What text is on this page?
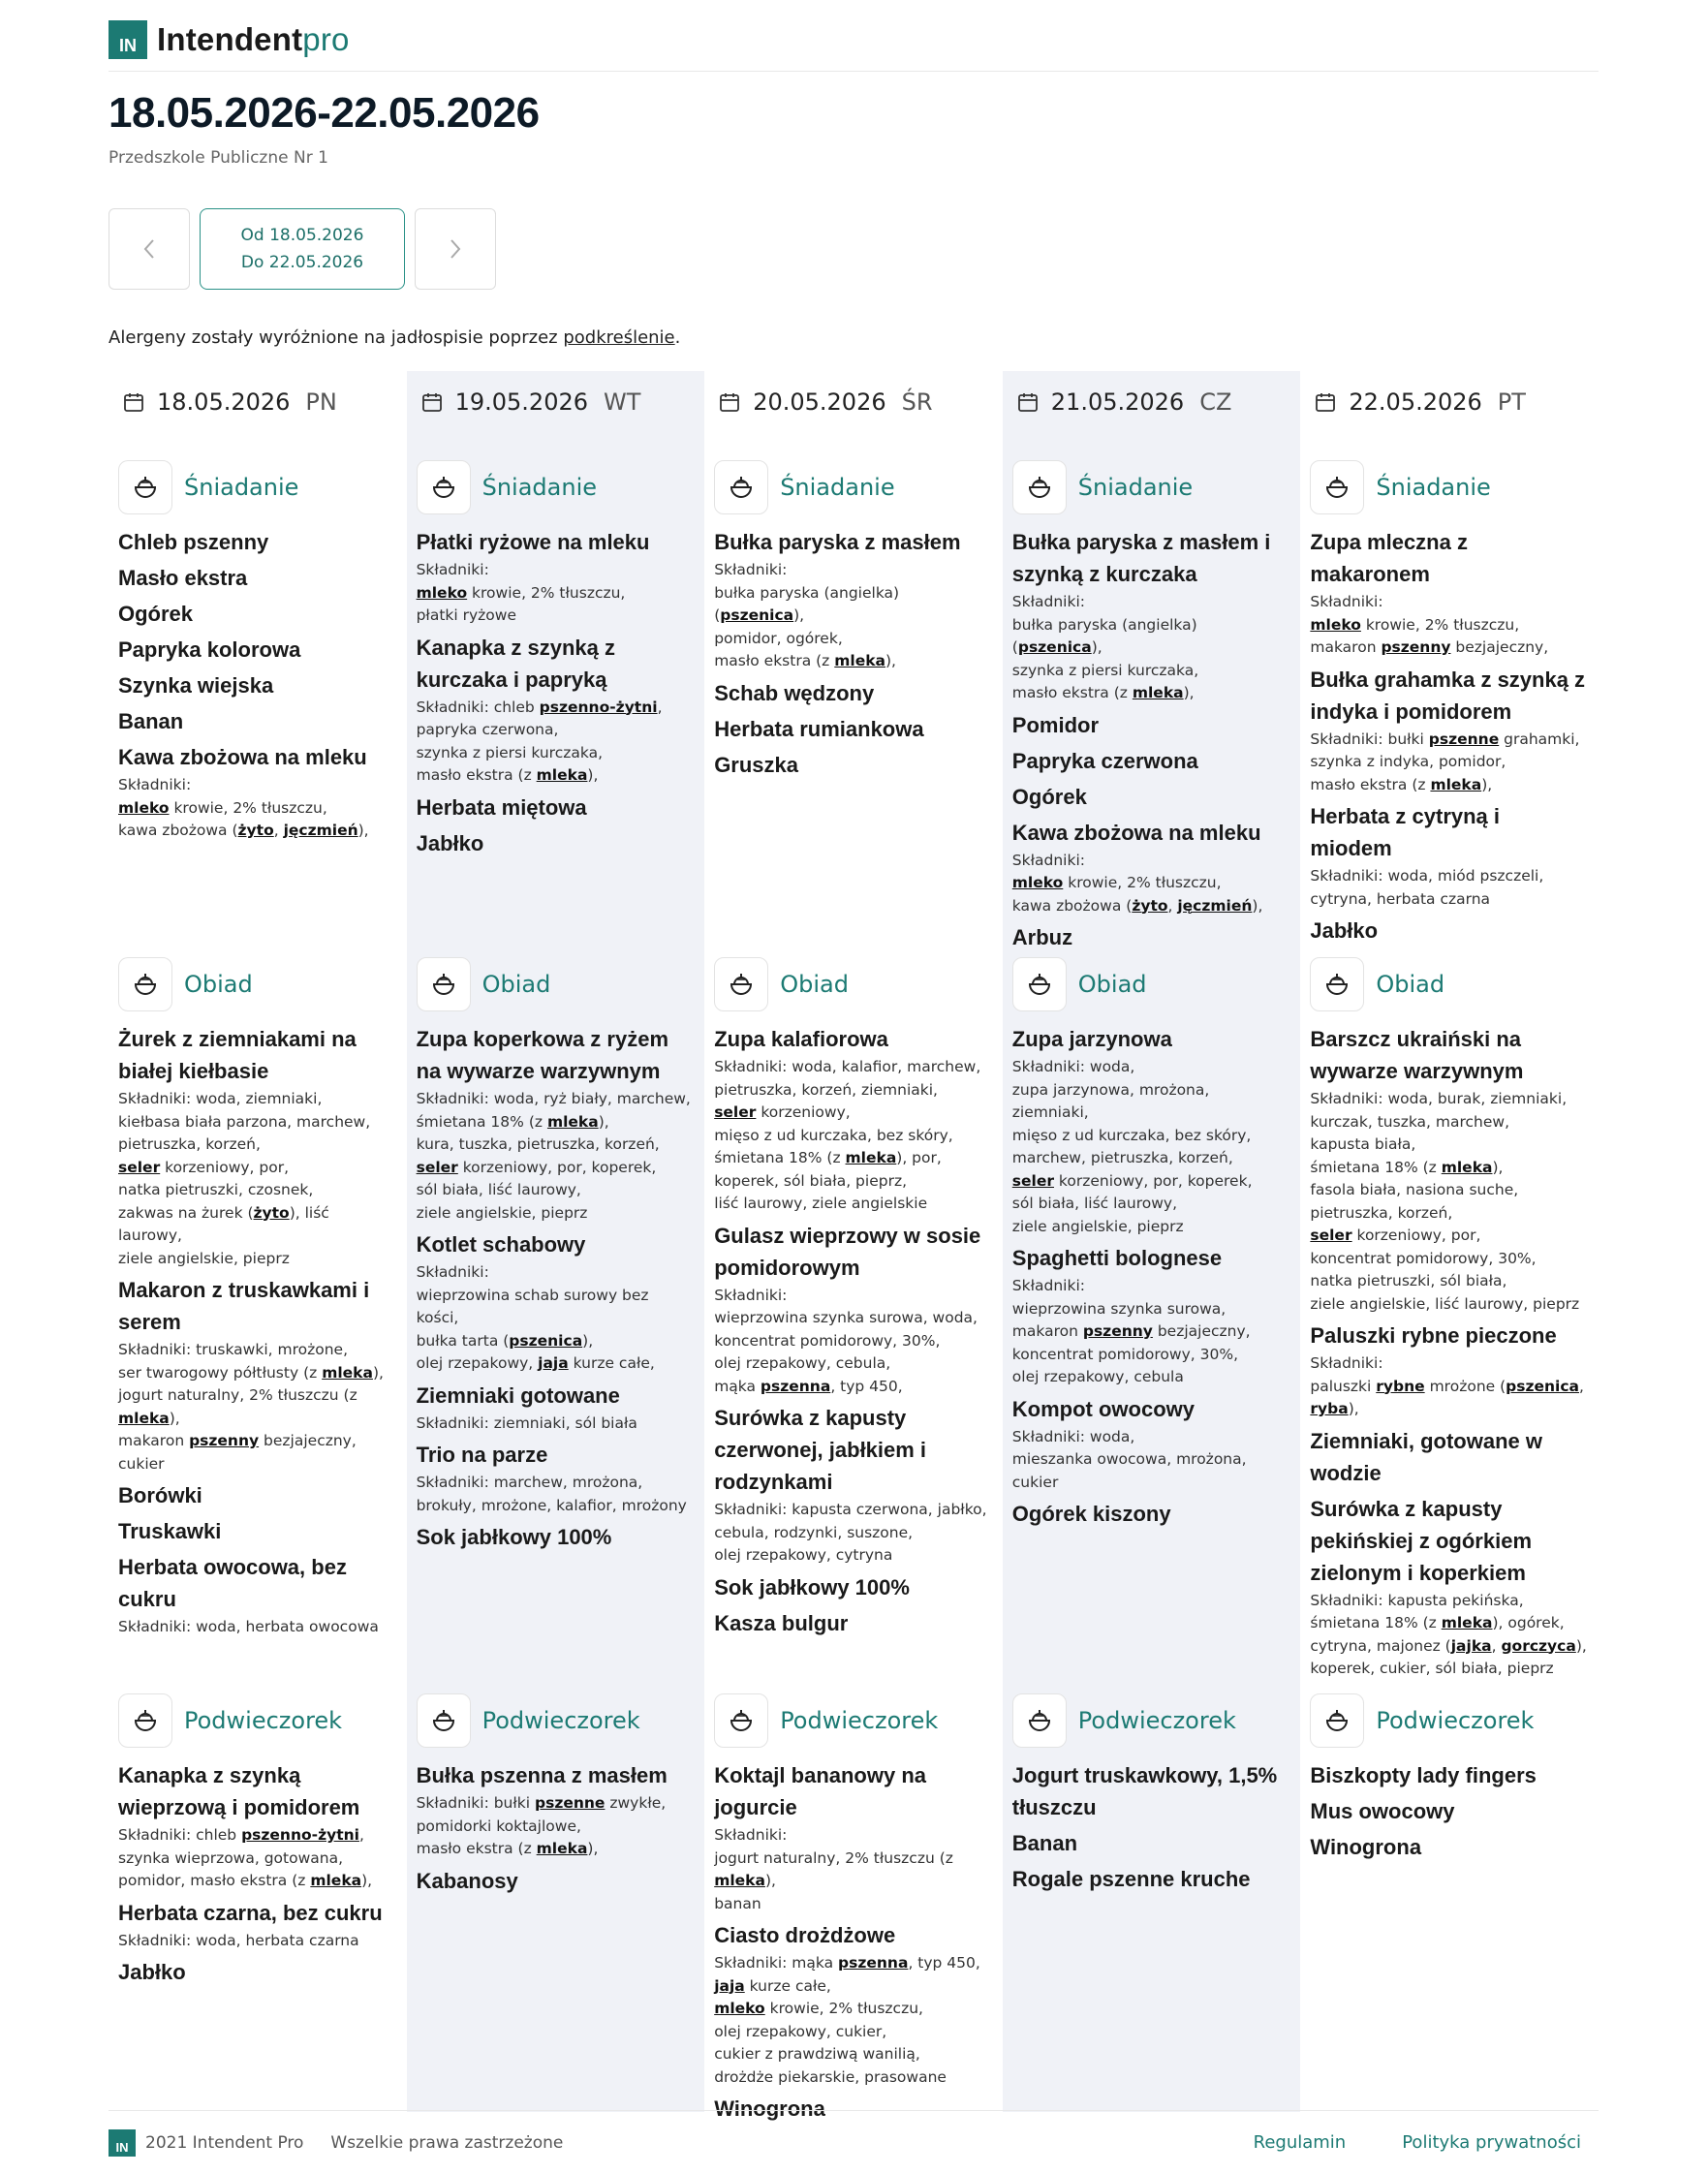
IN Intendentpro
18.05.2026-22.05.2026
Przedszkole Publiczne Nr 1
Od 18.05.2026
Do 22.05.2026
Alergeny zostały wyróżnione na jadłospisie poprzez podkreślenie.
18.05.2026 PN
Śniadanie
Chleb pszenny
Masło ekstra
Ogórek
Papryka kolorowa
Szynka wiejska
Banan
Kawa zbożowa na mleku
Składniki:
mleko krowie, 2% tłuszczu,
kawa zbożowa (żyto, jęczmień),
Obiad
Żurek z ziemniakami na białej kiełbasie
Składniki: woda, ziemniaki,
kiełbasa biała parzona, marchew,
pietruszka, korzeń,
seler korzeniowy, por,
natka pietruszki, czosnek,
zakwas na żurek (żyto), liść laurowy,
ziele angielskie, pieprz
Makaron z truskawkami i serem
Składniki: truskawki, mrożone,
ser twarogowy półtłusty (z mleka),
jogurt naturalny, 2% tłuszczu (z
mleka),
makaron pszenny bezjajeczny,
cukier
Borówki
Truskawki
Herbata owocowa, bez cukru
Składniki: woda, herbata owocowa
Podwieczorek
Kanapka z szynką wieprzową i pomidorem
Składniki: chleb pszenno-żytni,
szynka wieprzowa, gotowana,
pomidor, masło ekstra (z mleka),
Herbata czarna, bez cukru
Składniki: woda, herbata czarna
Jabłko
19.05.2026 WT
Śniadanie
Płatki ryżowe na mleku
Składniki:
mleko krowie, 2% tłuszczu,
płatki ryżowe
Kanapka z szynką z kurczaka i papryką
Składniki: chleb pszenno-żytni,
papryka czerwona,
szynka z piersi kurczaka,
masło ekstra (z mleka),
Herbata miętowa
Jabłko
Obiad
Zupa koperkowa z ryżem na wywarze warzywnym
Składniki: woda, ryż biały, marchew,
śmietana 18% (z mleka),
kura, tuszka, pietruszka, korzeń,
seler korzeniowy, por, koperek,
sól biała, liść laurowy,
ziele angielskie, pieprz
Kotlet schabowy
Składniki:
wieprzowina schab surowy bez
kości,
bułka tarta (pszenica),
olej rzepakowy, jaja kurze całe,
Ziemniaki gotowane
Składniki: ziemniaki, sól biała
Trio na parze
Składniki: marchew, mrożona,
brokuły, mrożone, kalafior, mrożony
Sok jabłkowy 100%
Podwieczorek
Bułka pszenna z masłem
Składniki: bułki pszenne zwykłe,
pomidorki koktajlowe,
masło ekstra (z mleka),
Kabanosy
20.05.2026 ŚR
Śniadanie
Bułka paryska z masłem
Składniki:
bułka paryska (angielka) (pszenica),
pomidor, ogórek,
masło ekstra (z mleka),
Schab wędzony
Herbata rumiankowa
Gruszka
Obiad
Zupa kalafiorowa
Składniki: woda, kalafior, marchew,
pietruszka, korzeń, ziemniaki,
seler korzeniowy,
mięso z ud kurczaka, bez skóry,
śmietana 18% (z mleka), por,
koperek, sól biała, pieprz,
liść laurowy, ziele angielskie
Gulasz wieprzowy w sosie pomidorowym
Składniki:
wieprzowina szynka surowa, woda,
koncentrat pomidorowy, 30%,
olej rzepakowy, cebula,
mąka pszenna, typ 450,
Surówka z kapusty czerwonej, jabłkiem i rodzynkami
Składniki: kapusta czerwona, jabłko,
cebula, rodzynki, suszone,
olej rzepakowy, cytryna
Sok jabłkowy 100%
Kasza bulgur
Podwieczorek
Koktajl bananowy na jogurcie
Składniki:
jogurt naturalny, 2% tłuszczu (z
mleka),
banan
Ciasto drożdżowe
Składniki: mąka pszenna, typ 450,
jaja kurze całe,
mleko krowie, 2% tłuszczu,
olej rzepakowy, cukier,
cukier z prawdziwą wanilią,
drożdże piekarskie, prasowane
Winogrona
21.05.2026 CZ
Śniadanie
Bułka paryska z masłem i szynką z kurczaka
Składniki:
bułka paryska (angielka) (pszenica),
szynka z piersi kurczaka,
masło ekstra (z mleka),
Pomidor
Papryka czerwona
Ogórek
Kawa zbożowa na mleku
Składniki:
mleko krowie, 2% tłuszczu,
kawa zbożowa (żyto, jęczmień),
Arbuz
Obiad
Zupa jarzynowa
Składniki: woda,
zupa jarzynowa, mrożona, ziemniaki,
mięso z ud kurczaka, bez skóry,
marchew, pietruszka, korzeń,
seler korzeniowy, por, koperek,
sól biała, liść laurowy,
ziele angielskie, pieprz
Spaghetti bolognese
Składniki:
wieprzowina szynka surowa,
makaron pszenny bezjajeczny,
koncentrat pomidorowy, 30%,
olej rzepakowy, cebula
Kompot owocowy
Składniki: woda,
mieszanka owocowa, mrożona,
cukier
Ogórek kiszony
Podwieczorek
Jogurt truskawkowy, 1,5% tłuszczu
Banan
Rogale pszenne kruche
22.05.2026 PT
Śniadanie
Zupa mleczna z makaronem
Składniki:
mleko krowie, 2% tłuszczu,
makaron pszenny bezjajeczny,
Bułka grahamka z szynką z indyka i pomidorem
Składniki: bułki pszenne grahamki,
szynka z indyka, pomidor,
masło ekstra (z mleka),
Herbata z cytryną i miodem
Składniki: woda, miód pszczeli,
cytryna, herbata czarna
Jabłko
Obiad
Barszcz ukraiński na wywarze warzywnym
Składniki: woda, burak, ziemniaki,
kurczak, tuszka, marchew,
kapusta biała,
śmietana 18% (z mleka),
fasola biała, nasiona suche,
pietruszka, korzeń,
seler korzeniowy, por,
koncentrat pomidorowy, 30%,
natka pietruszki, sól biała,
ziele angielskie, liść laurowy, pieprz
Paluszki rybne pieczone
Składniki:
paluszki rybne mrożone (pszenica,
ryba),
Ziemniaki, gotowane w wodzie
Surówka z kapusty pekińskiej z ogórkiem zielonym i koperkiem
Składniki: kapusta pekińska,
śmietana 18% (z mleka), ogórek,
cytryna, majonez (jajka, gorczyca),
koperek, cukier, sól biała, pieprz
Podwieczorek
Biszkopty lady fingers
Mus owocowy
Winogrona
IN	2021 Intendent Pro Wszelkie prawa zastrzeżone	Regulamin	Polityka prywatności
